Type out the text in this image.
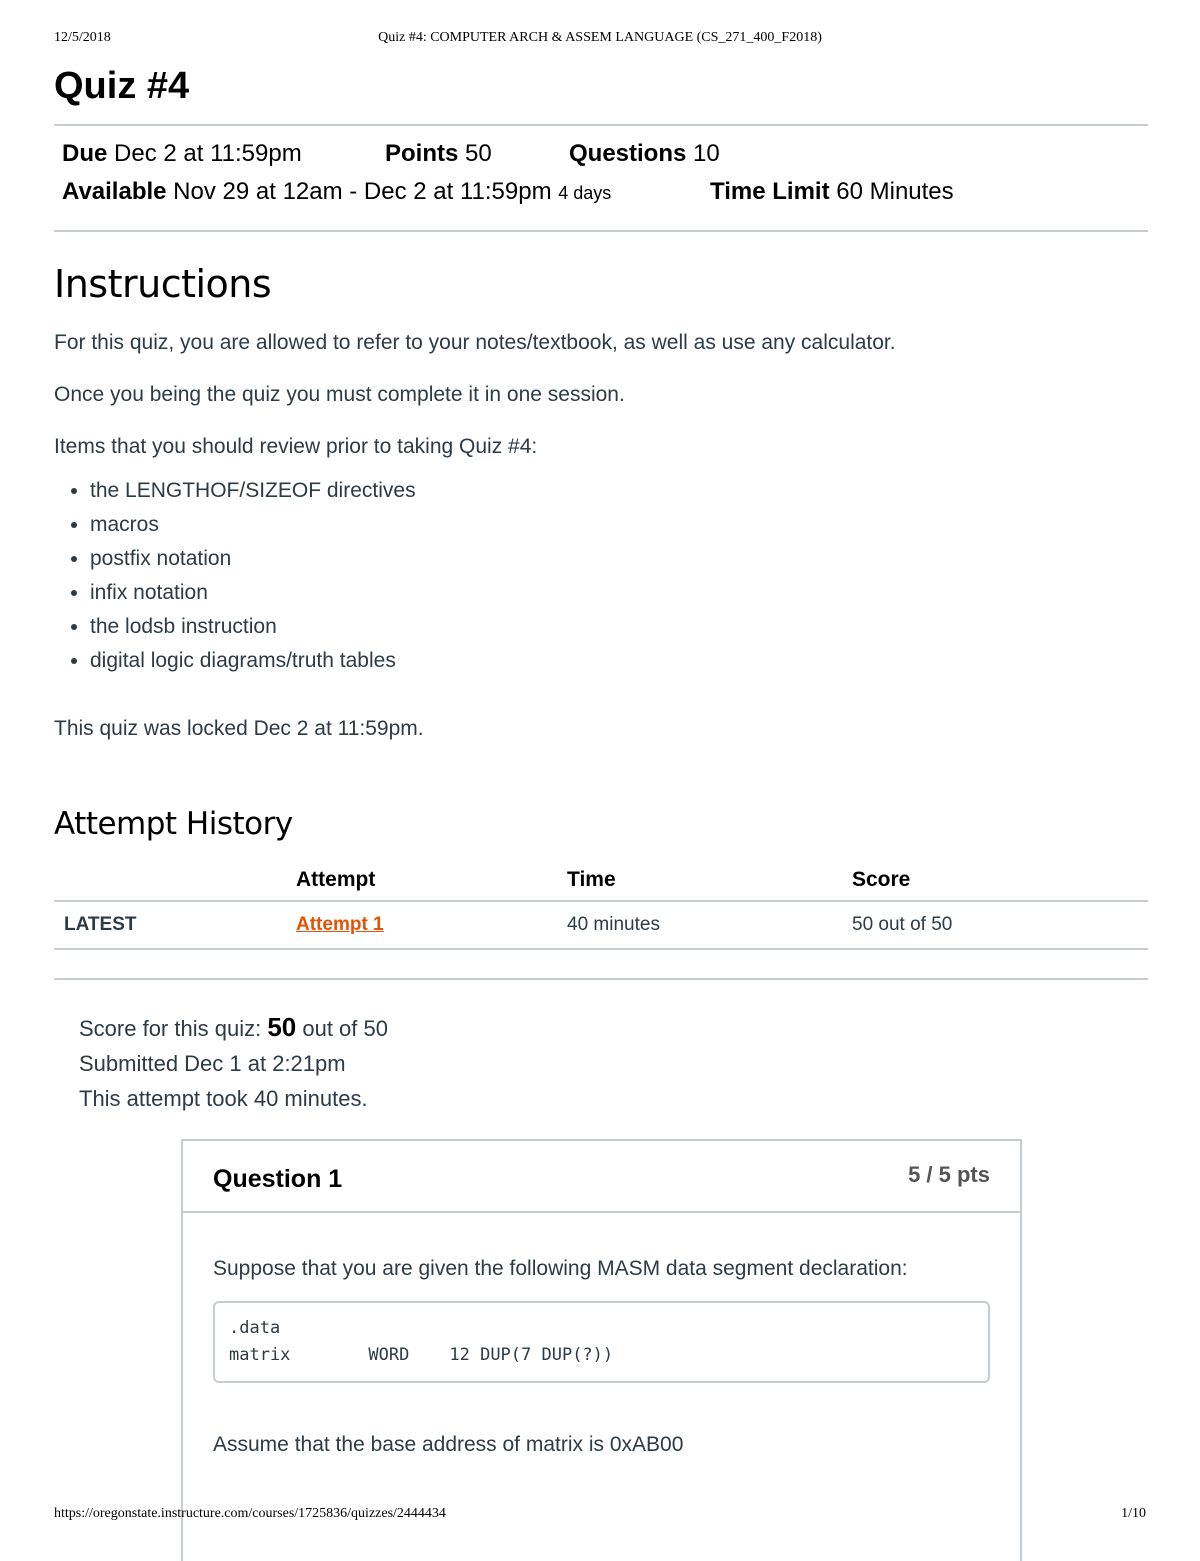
12/5/2018	Quiz #4: COMPUTER ARCH & ASSEM LANGUAGE (CS_271_400_F2018)
Quiz #4
Due Dec 2 at 11:59pm	Points 50	Questions 10
Available Nov 29 at 12am - Dec 2 at 11:59pm 4 days	Time Limit 60 Minutes
Instructions

For this quiz, you are allowed to refer to your notes/textbook, as well as use any calculator.

Once you being the quiz you must complete it in one session.

Items that you should review prior to taking Quiz #4:

• the LENGTHOF/SIZEOF directives
• macros
• postfix notation
• infix notation
• the lodsb instruction
• digital logic diagrams/truth tables

This quiz was locked Dec 2 at 11:59pm.

Attempt History
	Attempt	Time	Score
LATEST	Attempt 1	40 minutes	50 out of 50
Score for this quiz: 50 out of 50
Submitted Dec 1 at 2:21pm
This attempt took 40 minutes.
Question 1	5 / 5 pts

Suppose that you are given the following MASM data segment declaration:

.data
matrix	WORD 12 DUP(7 DUP(?))

Assume that the base address of matrix is 0xAB00

https://oregonstate.instructure.com/courses/1725836/quizzes/2444434	1/10
